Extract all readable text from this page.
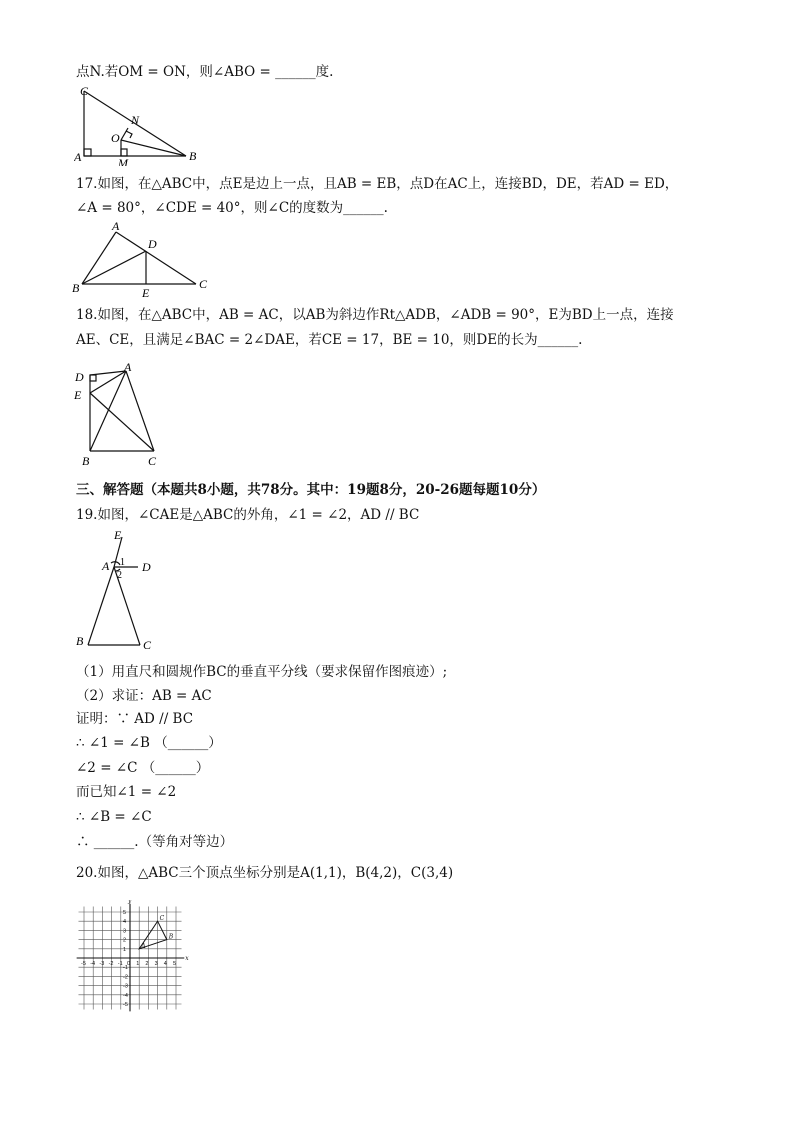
点N.若OM = ON，则∠ABO = ______度.
C
N
O
A	M	B
17.如图，在△ABC中，点E是边上一点，且AB = EB，点D在AC上，连接BD，DE，若AD = ED，
∠A = 80°，∠CDE = 40°，则∠C的度数为______.
A
D
B	E
C
18.如图，在△ABC中，AB = AC，以AB为斜边作Rt△ADB，∠ADB = 90°，E为BD上一点，连接
AE、CE，且满足∠BAC = 2∠DAE，若CE = 17，BE = 10，则DE的长为______.
D
A
E
B	C
三、解答题（本题共8小题，共78分。其中：19题8分，20-26题每题10分）
19.如图，∠CAE是△ABC的外角，∠1 = ∠2，AD // BC
E
A 1
2
D
B	C
（1）用直尺和圆规作BC的垂直平分线（要求保留作图痕迹）;
（2）求证：AB = AC
证明：∵ AD // BC
∴ ∠1 = ∠B （______）
∠2 = ∠C （______）
而已知∠1 = ∠2
∴ ∠B = ∠C
∴ ______.（等角对等边）
20.如图，△ABC三个顶点坐标分别是A(1,1)，B(4,2)，C(3,4)
-5 -4 -3 -2 -1 0 1 2 3 4 5
5
4
3
2
1
-1
-2
-3
-4
-5
x
y
A
B
C
